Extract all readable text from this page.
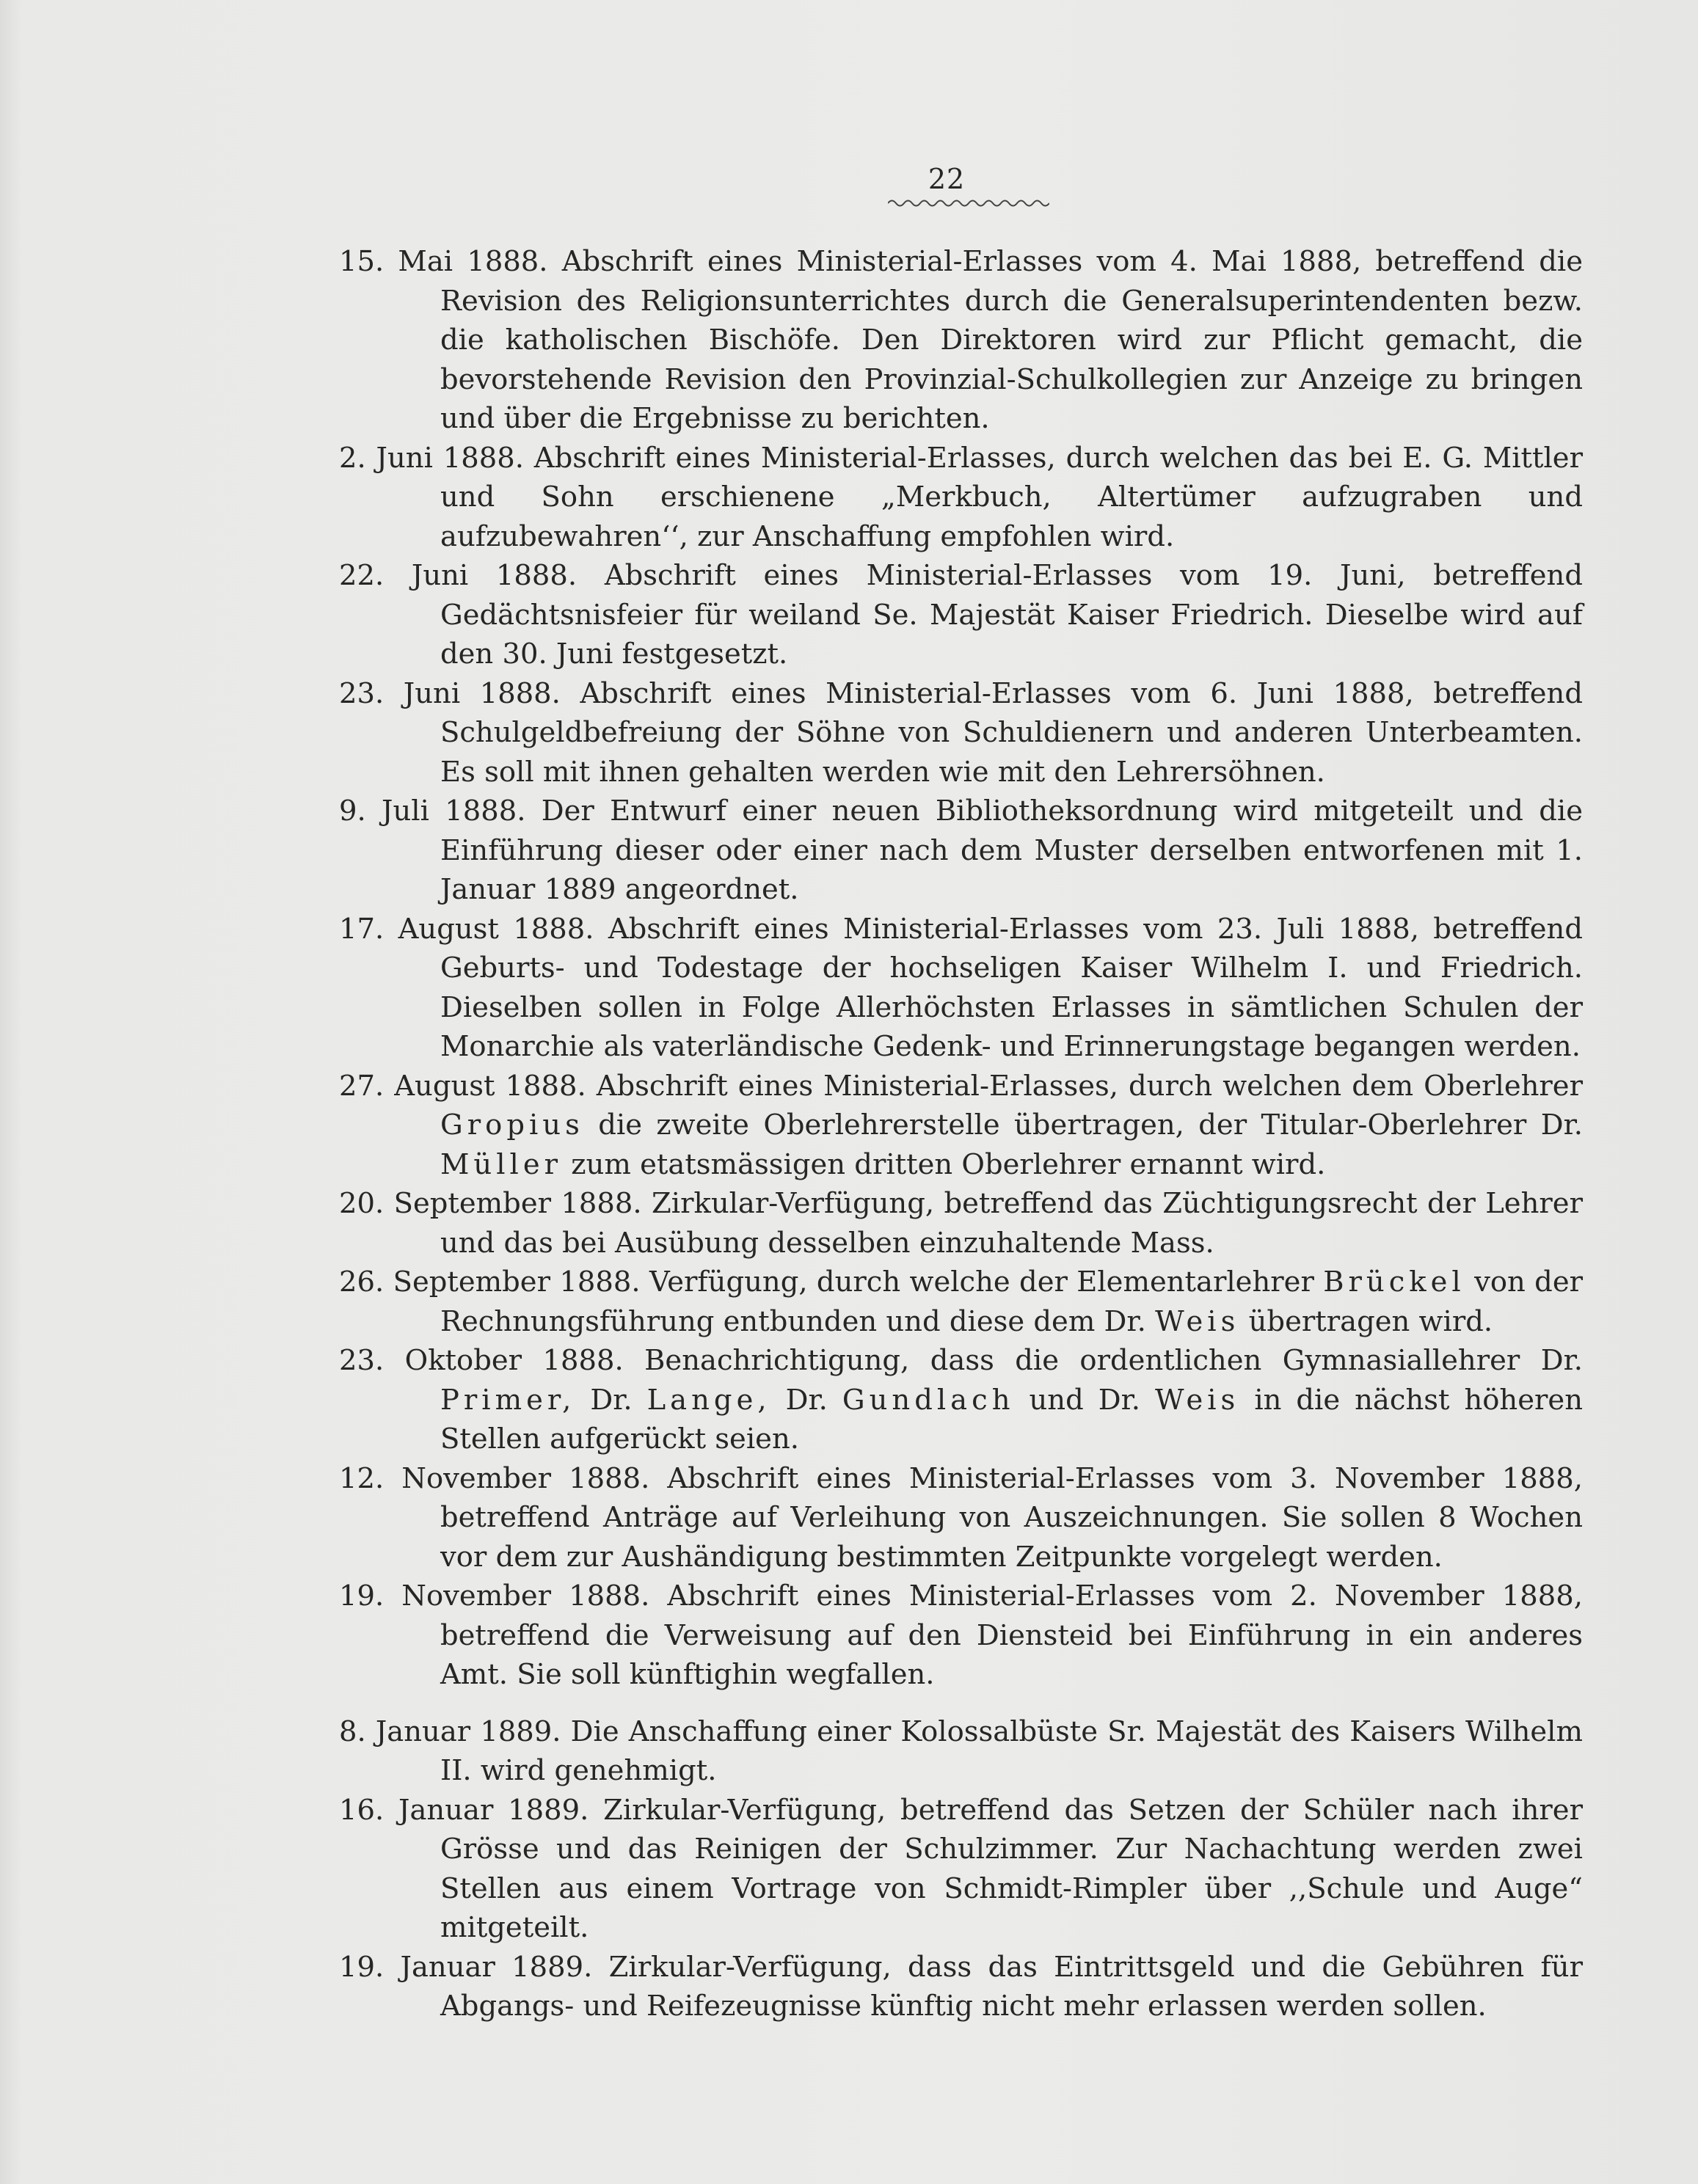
22

15. Mai 1888. Abschrift eines Ministerial-Erlasses vom 4. Mai 1888, betreffend die Revision des Religionsunterrichtes durch die Generalsuperintendenten bezw. die katholischen Bischöfe. Den Direktoren wird zur Pflicht gemacht, die bevorstehende Revision den Provinzial-Schulkollegien zur Anzeige zu bringen und über die Ergebnisse zu berichten.

2. Juni 1888. Abschrift eines Ministerial-Erlasses, durch welchen das bei E. G. Mittler und Sohn erschienene „Merkbuch, Altertümer aufzugraben und aufzubewahren‘‘, zur Anschaffung empfohlen wird.

22. Juni 1888. Abschrift eines Ministerial-Erlasses vom 19. Juni, betreffend Gedächtsnisfeier für weiland Se. Majestät Kaiser Friedrich. Dieselbe wird auf den 30. Juni festgesetzt.

23. Juni 1888. Abschrift eines Ministerial-Erlasses vom 6. Juni 1888, betreffend Schulgeldbefreiung der Söhne von Schuldienern und anderen Unterbeamten. Es soll mit ihnen gehalten werden wie mit den Lehrersöhnen.

9. Juli 1888. Der Entwurf einer neuen Bibliotheksordnung wird mitgeteilt und die Einführung dieser oder einer nach dem Muster derselben entworfenen mit 1. Januar 1889 angeordnet.

17. August 1888. Abschrift eines Ministerial-Erlasses vom 23. Juli 1888, betreffend Geburts- und Todestage der hochseligen Kaiser Wilhelm I. und Friedrich. Dieselben sollen in Folge Allerhöchsten Erlasses in sämtlichen Schulen der Monarchie als vaterländische Gedenk- und Erinnerungstage begangen werden.

27. August 1888. Abschrift eines Ministerial-Erlasses, durch welchen dem Oberlehrer Gropius die zweite Oberlehrerstelle übertragen, der Titular-Oberlehrer Dr. Müller zum etatsmässigen dritten Oberlehrer ernannt wird.

20. September 1888. Zirkular-Verfügung, betreffend das Züchtigungsrecht der Lehrer und das bei Ausübung desselben einzuhaltende Mass.

26. September 1888. Verfügung, durch welche der Elementarlehrer Brückel von der Rechnungsführung entbunden und diese dem Dr. Weis übertragen wird.

23. Oktober 1888. Benachrichtigung, dass die ordentlichen Gymnasiallehrer Dr. Primer, Dr. Lange, Dr. Gundlach und Dr. Weis in die nächst höheren Stellen aufgerückt seien.

12. November 1888. Abschrift eines Ministerial-Erlasses vom 3. November 1888, betreffend Anträge auf Verleihung von Auszeichnungen. Sie sollen 8 Wochen vor dem zur Aushändigung bestimmten Zeitpunkte vorgelegt werden.

19. November 1888. Abschrift eines Ministerial-Erlasses vom 2. November 1888, betreffend die Verweisung auf den Diensteid bei Einführung in ein anderes Amt. Sie soll künftighin wegfallen.

8. Januar 1889. Die Anschaffung einer Kolossalbüste Sr. Majestät des Kaisers Wilhelm II. wird genehmigt.

16. Januar 1889. Zirkular-Verfügung, betreffend das Setzen der Schüler nach ihrer Grösse und das Reinigen der Schulzimmer. Zur Nachachtung werden zwei Stellen aus einem Vortrage von Schmidt-Rimpler über ,,Schule und Auge“ mitgeteilt.

19. Januar 1889. Zirkular-Verfügung, dass das Eintrittsgeld und die Gebühren für Abgangs- und Reifezeugnisse künftig nicht mehr erlassen werden sollen.
